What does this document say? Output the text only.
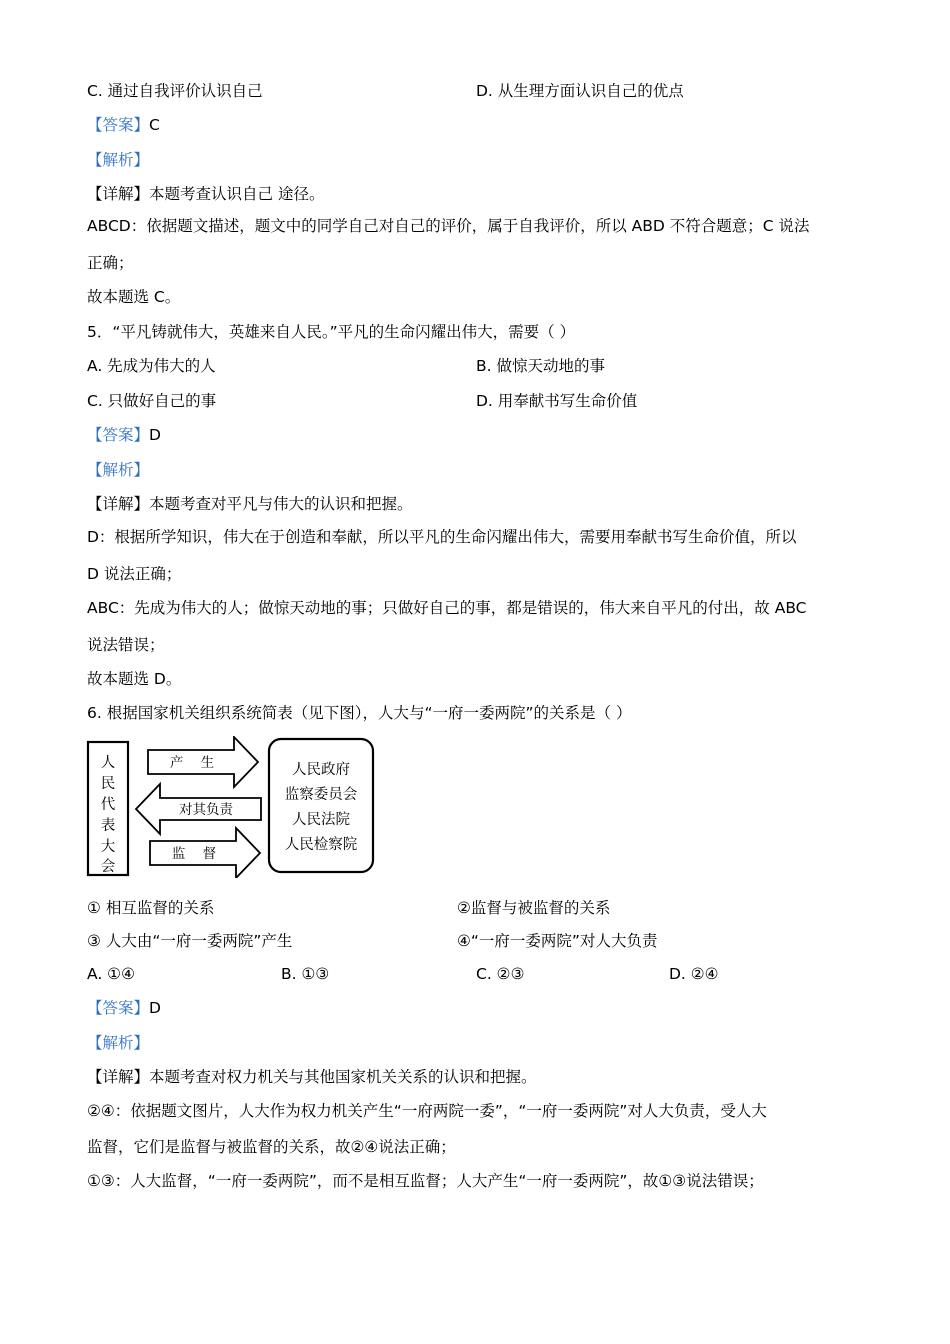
C. 通过自我评价认识自己	D. 从生理方面认识自己的优点
【答案】C
【解析】
【详解】本题考查认识自己 途径。
ABCD：依据题文描述，题文中的同学自己对自己的评价，属于自我评价，所以 ABD 不符合题意；C 说法
正确；
故本题选 C。
5．“平凡铸就伟大，英雄来自人民。”平凡的生命闪耀出伟大，需要（ ）
A. 先成为伟大的人	B. 做惊天动地的事
C. 只做好自己的事	D. 用奉献书写生命价值
【答案】D
【解析】
【详解】本题考查对平凡与伟大的认识和把握。
D：根据所学知识，伟大在于创造和奉献，所以平凡的生命闪耀出伟大，需要用奉献书写生命价值，所以
D 说法正确；
ABC：先成为伟大的人；做惊天动地的事；只做好自己的事，都是错误的，伟大来自平凡的付出，故 ABC
说法错误；
故本题选 D。
6. 根据国家机关组织系统简表（见下图），人大与“一府一委两院”的关系是（ ）
人
民
代
表
大
会
产    生
对其负责
监    督
人民政府
监察委员会
人民法院
人民检察院
① 相互监督的关系	②监督与被监督的关系
③ 人大由“一府一委两院”产生	④“一府一委两院”对人大负责
A. ①④	B. ①③	C. ②③	D. ②④
【答案】D
【解析】
【详解】本题考查对权力机关与其他国家机关关系的认识和把握。
②④：依据题文图片，人大作为权力机关产生“一府两院一委”，“一府一委两院”对人大负责，受人大
监督，它们是监督与被监督的关系，故②④说法正确；
①③：人大监督，“一府一委两院”，而不是相互监督；人大产生“一府一委两院”，故①③说法错误；
